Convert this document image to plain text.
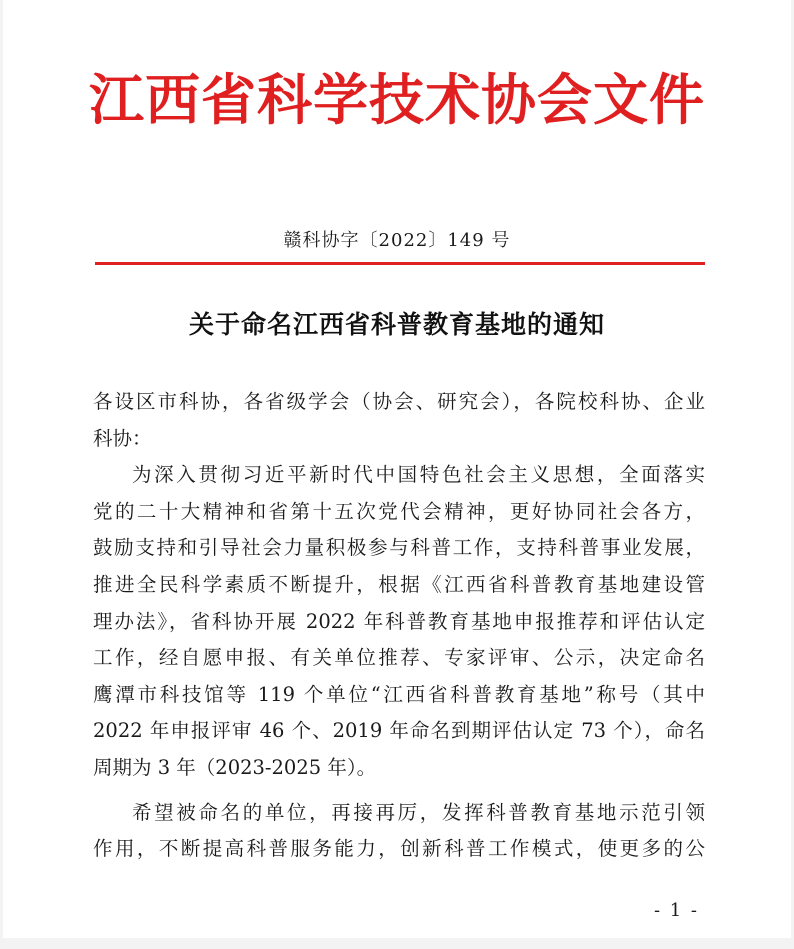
江西省科学技术协会文件
赣科协字〔2022〕149 号
关于命名江西省科普教育基地的通知
各设区市科协，各省级学会（协会、研究会），各院校科协、企业
科协：
为深入贯彻习近平新时代中国特色社会主义思想，全面落实
党的二十大精神和省第十五次党代会精神，更好协同社会各方，
鼓励支持和引导社会力量积极参与科普工作，支持科普事业发展，
推进全民科学素质不断提升，根据《江西省科普教育基地建设管
理办法》，省科协开展 2022 年科普教育基地申报推荐和评估认定
工作，经自愿申报、有关单位推荐、专家评审、公示，决定命名
鹰潭市科技馆等 119 个单位“江西省科普教育基地”称号（其中
2022 年申报评审 46 个、2019 年命名到期评估认定 73 个），命名
周期为 3 年（2023-2025 年）。
希望被命名的单位，再接再厉，发挥科普教育基地示范引领
作用，不断提高科普服务能力，创新科普工作模式，使更多的公
- 1 -
